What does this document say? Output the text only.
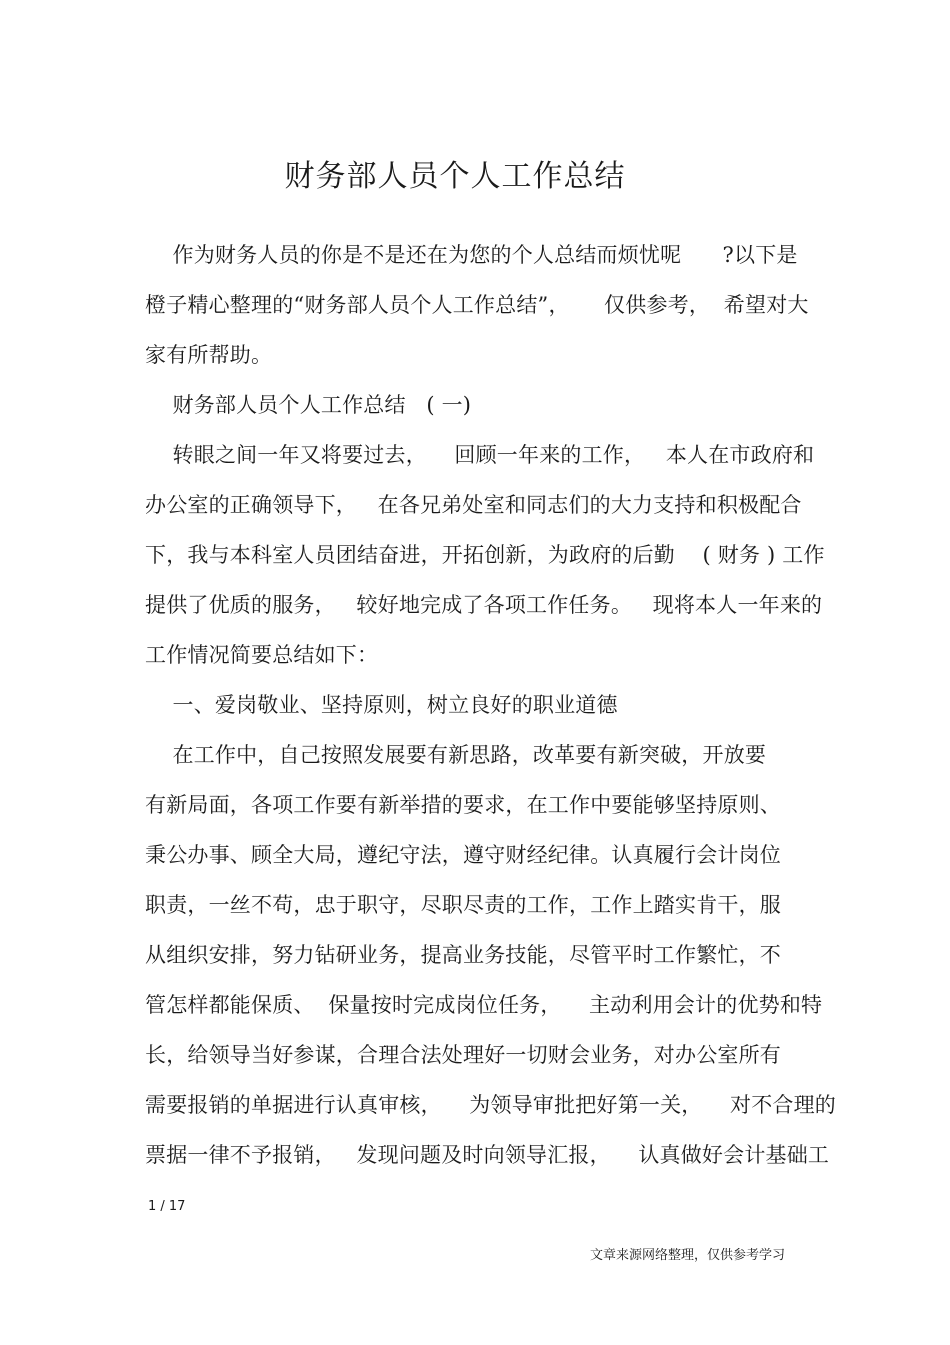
财务部人员个人工作总结
作为财务人员的你是不是还在为您的个人总结而烦忧呢      ?以下是
橙子精心整理的“财务部人员个人工作总结”，     仅供参考，  希望对大
家有所帮助。
财务部人员个人工作总结   ( 一)
转眼之间一年又将要过去，    回顾一年来的工作，   本人在市政府和
办公室的正确领导下，   在各兄弟处室和同志们的大力支持和积极配合
下，我与本科室人员团结奋进，开拓创新，为政府的后勤    ( 财务 ) 工作
提供了优质的服务，   较好地完成了各项工作任务。   现将本人一年来的
工作情况简要总结如下：
一、爱岗敬业、坚持原则，树立良好的职业道德
在工作中，自己按照发展要有新思路，改革要有新突破，开放要
有新局面，各项工作要有新举措的要求，在工作中要能够坚持原则、
秉公办事、顾全大局，遵纪守法，遵守财经纪律。认真履行会计岗位
职责，一丝不苟，忠于职守，尽职尽责的工作，工作上踏实肯干，服
从组织安排，努力钻研业务，提高业务技能，尽管平时工作繁忙，不
管怎样都能保质、  保量按时完成岗位任务，    主动利用会计的优势和特
长，给领导当好参谋，合理合法处理好一切财会业务，对办公室所有
需要报销的单据进行认真审核，    为领导审批把好第一关，    对不合理的
票据一律不予报销，   发现问题及时向领导汇报，    认真做好会计基础工
1 / 17
文章来源网络整理，仅供参考学习
